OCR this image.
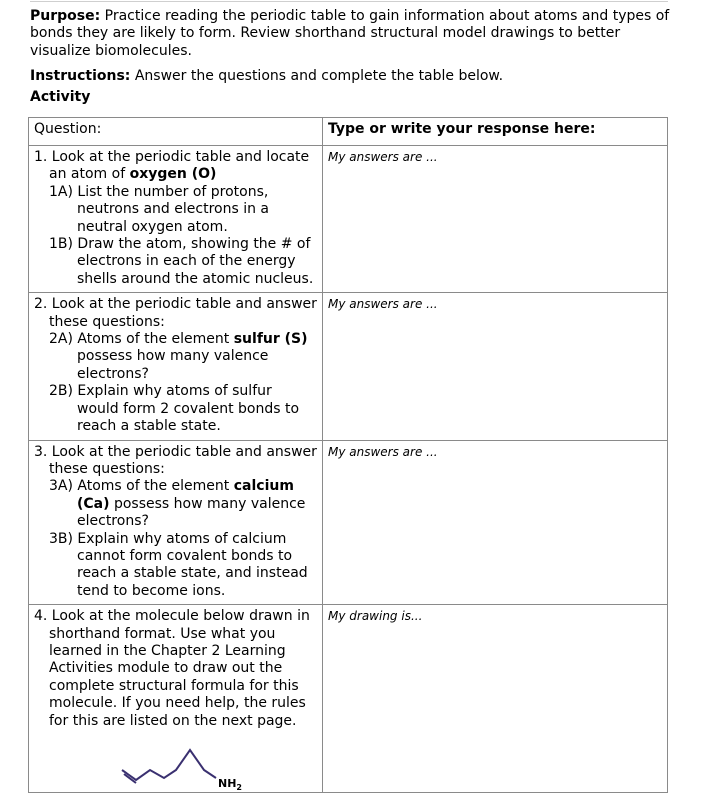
Purpose: Practice reading the periodic table to gain information about atoms and types of bonds they are likely to form. Review shorthand structural model drawings to better visualize biomolecules.
Instructions: Answer the questions and complete the table below.
Activity
Question:	Type or write your response here:

1. Look at the periodic table and locate an atom of oxygen (O)
1A) List the number of protons, neutrons and electrons in a neutral oxygen atom.
1B) Draw the atom, showing the # of electrons in each of the energy shells around the atomic nucleus.	My answers are ...

2. Look at the periodic table and answer these questions:
2A) Atoms of the element sulfur (S) possess how many valence electrons?
2B) Explain why atoms of sulfur would form 2 covalent bonds to reach a stable state.	My answers are ...

3. Look at the periodic table and answer these questions:
3A) Atoms of the element calcium
(Ca) possess how many valence electrons?
3B) Explain why atoms of calcium cannot form covalent bonds to reach a stable state, and instead tend to become ions.	My answers are ...

4. Look at the molecule below drawn in shorthand format. Use what you learned in the Chapter 2 Learning Activities module to draw out the complete structural formula for this molecule. If you need help, the rules for this are listed on the next page.
$NH_2$	My drawing is...
